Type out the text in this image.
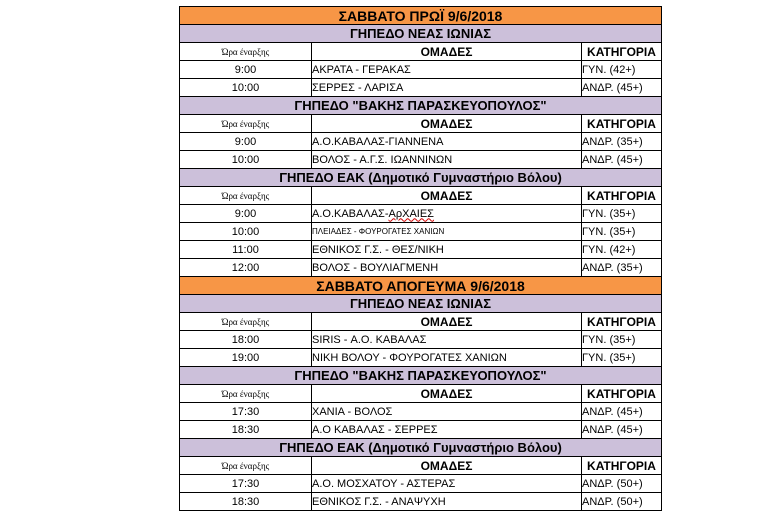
ΣΑΒΒΑΤΟ ΠΡΩΪ 9/6/2018		
ΓΗΠΕΔΟ ΝΕΑΣ ΙΩΝΙΑΣ		
Ώρα έναρξης	ΟΜΑΔΕΣ	ΚΑΤΗΓΟΡΙΑ
9:00	ΑΚΡΑΤΑ - ΓΕΡΑΚΑΣ	ΓΥΝ. (42+)
10:00	ΣΕΡΡΕΣ - ΛΑΡΙΣΑ	ΑΝΔΡ. (45+)
ΓΗΠΕΔΟ "ΒΑΚΗΣ ΠΑΡΑΣΚΕΥΟΠΟΥΛΟΣ"		
Ώρα έναρξης	ΟΜΑΔΕΣ	ΚΑΤΗΓΟΡΙΑ
9:00	Α.Ο.ΚΑΒΑΛΑΣ-ΓΙΑΝΝΕΝΑ	ΑΝΔΡ. (35+)
10:00	ΒΟΛΟΣ - Α.Γ.Σ. ΙΩΑΝΝΙΝΩΝ	ΑΝΔΡ. (45+)
ΓΗΠΕΔΟ ΕΑΚ (Δημοτικό Γυμναστήριο Βόλου)		
Ώρα έναρξης	ΟΜΑΔΕΣ	ΚΑΤΗΓΟΡΙΑ
9:00	Α.Ο.ΚΑΒΑΛΑΣ-ΑρΧΑΙΕΣ	ΓΥΝ. (35+)
10:00	ΠΛΕΙΑΔΕΣ - ΦΟΥΡΟΓΑΤΕΣ ΧΑΝΙΩΝ	ΓΥΝ. (35+)
11:00	ΕΘΝΙΚΟΣ Γ.Σ. - ΘΕΣ/ΝΙΚΗ	ΓΥΝ. (42+)
12:00	ΒΟΛΟΣ - ΒΟΥΛΙΑΓΜΕΝΗ	ΑΝΔΡ. (35+)
ΣΑΒΒΑΤΟ ΑΠΟΓΕΥΜΑ 9/6/2018		
ΓΗΠΕΔΟ ΝΕΑΣ ΙΩΝΙΑΣ		
Ώρα έναρξης	ΟΜΑΔΕΣ	ΚΑΤΗΓΟΡΙΑ
18:00	SIRIS - Α.Ο. ΚΑΒΑΛΑΣ	ΓΥΝ. (35+)
19:00	ΝΙΚΗ ΒΟΛΟΥ - ΦΟΥΡΟΓΑΤΕΣ ΧΑΝΙΩΝ	ΓΥΝ. (35+)
ΓΗΠΕΔΟ "ΒΑΚΗΣ ΠΑΡΑΣΚΕΥΟΠΟΥΛΟΣ"		
Ώρα έναρξης	ΟΜΑΔΕΣ	ΚΑΤΗΓΟΡΙΑ
17:30	ΧΑΝΙΑ - ΒΟΛΟΣ	ΑΝΔΡ. (45+)
18:30	Α.Ο ΚΑΒΑΛΑΣ - ΣΕΡΡΕΣ	ΑΝΔΡ. (45+)
ΓΗΠΕΔΟ ΕΑΚ (Δημοτικό Γυμναστήριο Βόλου)		
Ώρα έναρξης	ΟΜΑΔΕΣ	ΚΑΤΗΓΟΡΙΑ
17:30	Α.Ο. ΜΟΣΧΑΤΟΥ - ΑΣΤΕΡΑΣ	ΑΝΔΡ. (50+)
18:30	ΕΘΝΙΚΟΣ Γ.Σ. - ΑΝΑΨΥΧΗ	ΑΝΔΡ. (50+)
